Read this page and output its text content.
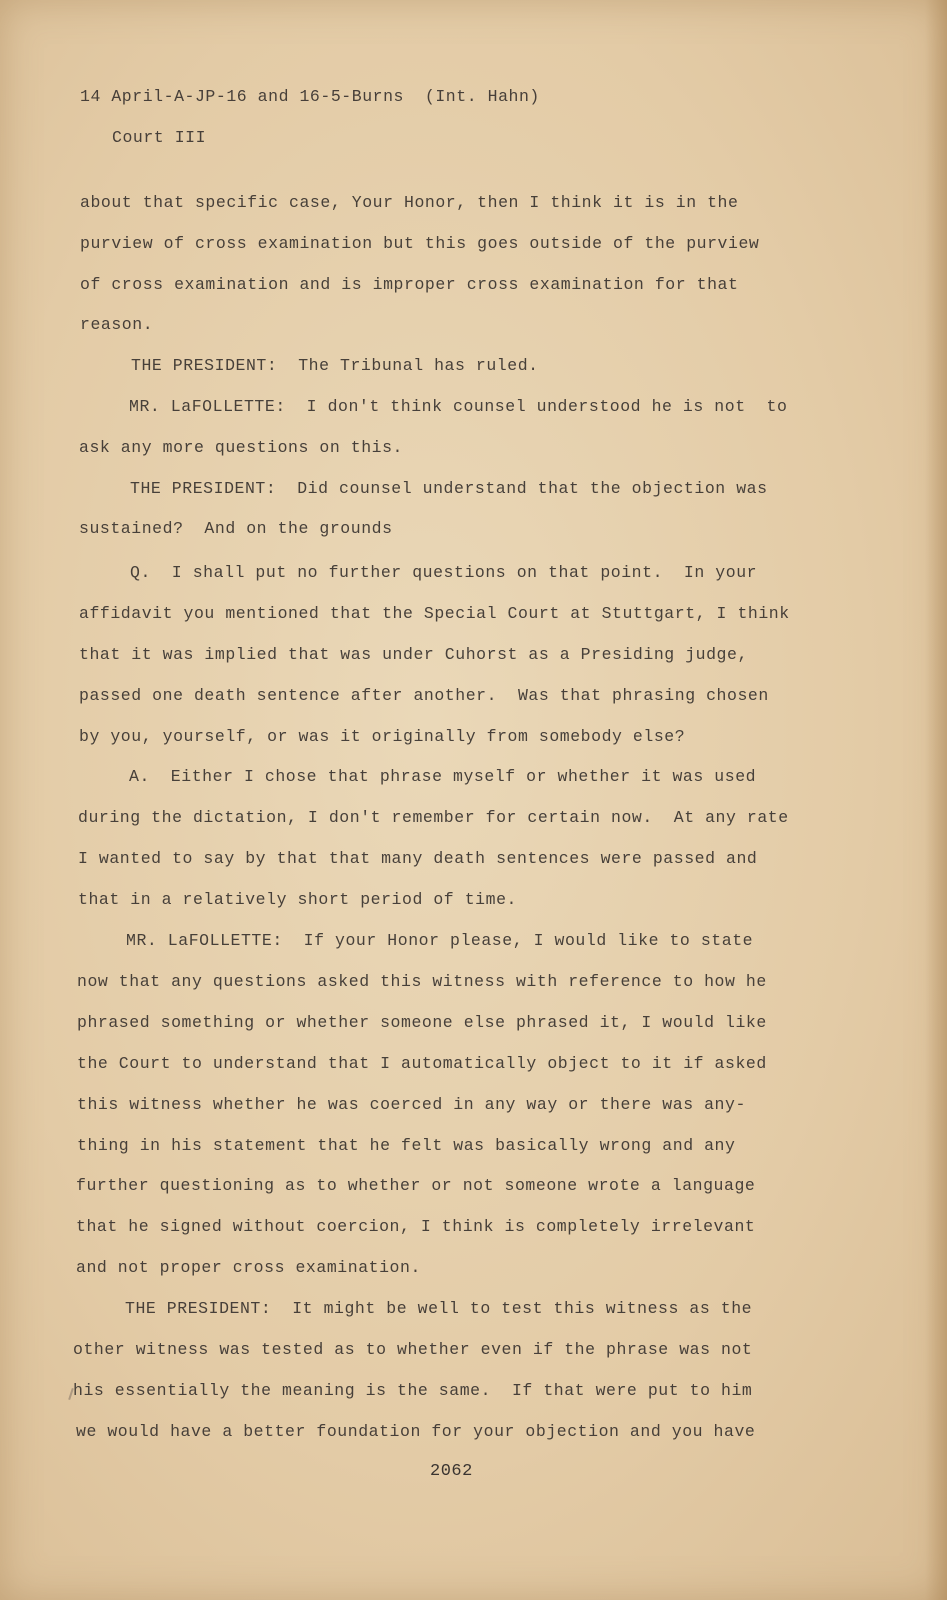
14 April-A-JP-16 and 16-5-Burns  (Int. Hahn)
Court III
about that specific case, Your Honor, then I think it is in the
purview of cross examination but this goes outside of the purview
of cross examination and is improper cross examination for that
reason.
THE PRESIDENT:  The Tribunal has ruled.
MR. LaFOLLETTE:  I don't think counsel understood he is not  to
ask any more questions on this.
THE PRESIDENT:  Did counsel understand that the objection was
sustained?  And on the grounds
Q.  I shall put no further questions on that point.  In your
affidavit you mentioned that the Special Court at Stuttgart, I think
that it was implied that was under Cuhorst as a Presiding judge,
passed one death sentence after another.  Was that phrasing chosen
by you, yourself, or was it originally from somebody else?
A.  Either I chose that phrase myself or whether it was used
during the dictation, I don't remember for certain now.  At any rate
I wanted to say by that that many death sentences were passed and
that in a relatively short period of time.
MR. LaFOLLETTE:  If your Honor please, I would like to state
now that any questions asked this witness with reference to how he
phrased something or whether someone else phrased it, I would like
the Court to understand that I automatically object to it if asked
this witness whether he was coerced in any way or there was any-
thing in his statement that he felt was basically wrong and any
further questioning as to whether or not someone wrote a language
that he signed without coercion, I think is completely irrelevant
and not proper cross examination.
THE PRESIDENT:  It might be well to test this witness as the
other witness was tested as to whether even if the phrase was not
his essentially the meaning is the same.  If that were put to him
we would have a better foundation for your objection and you have
2062
